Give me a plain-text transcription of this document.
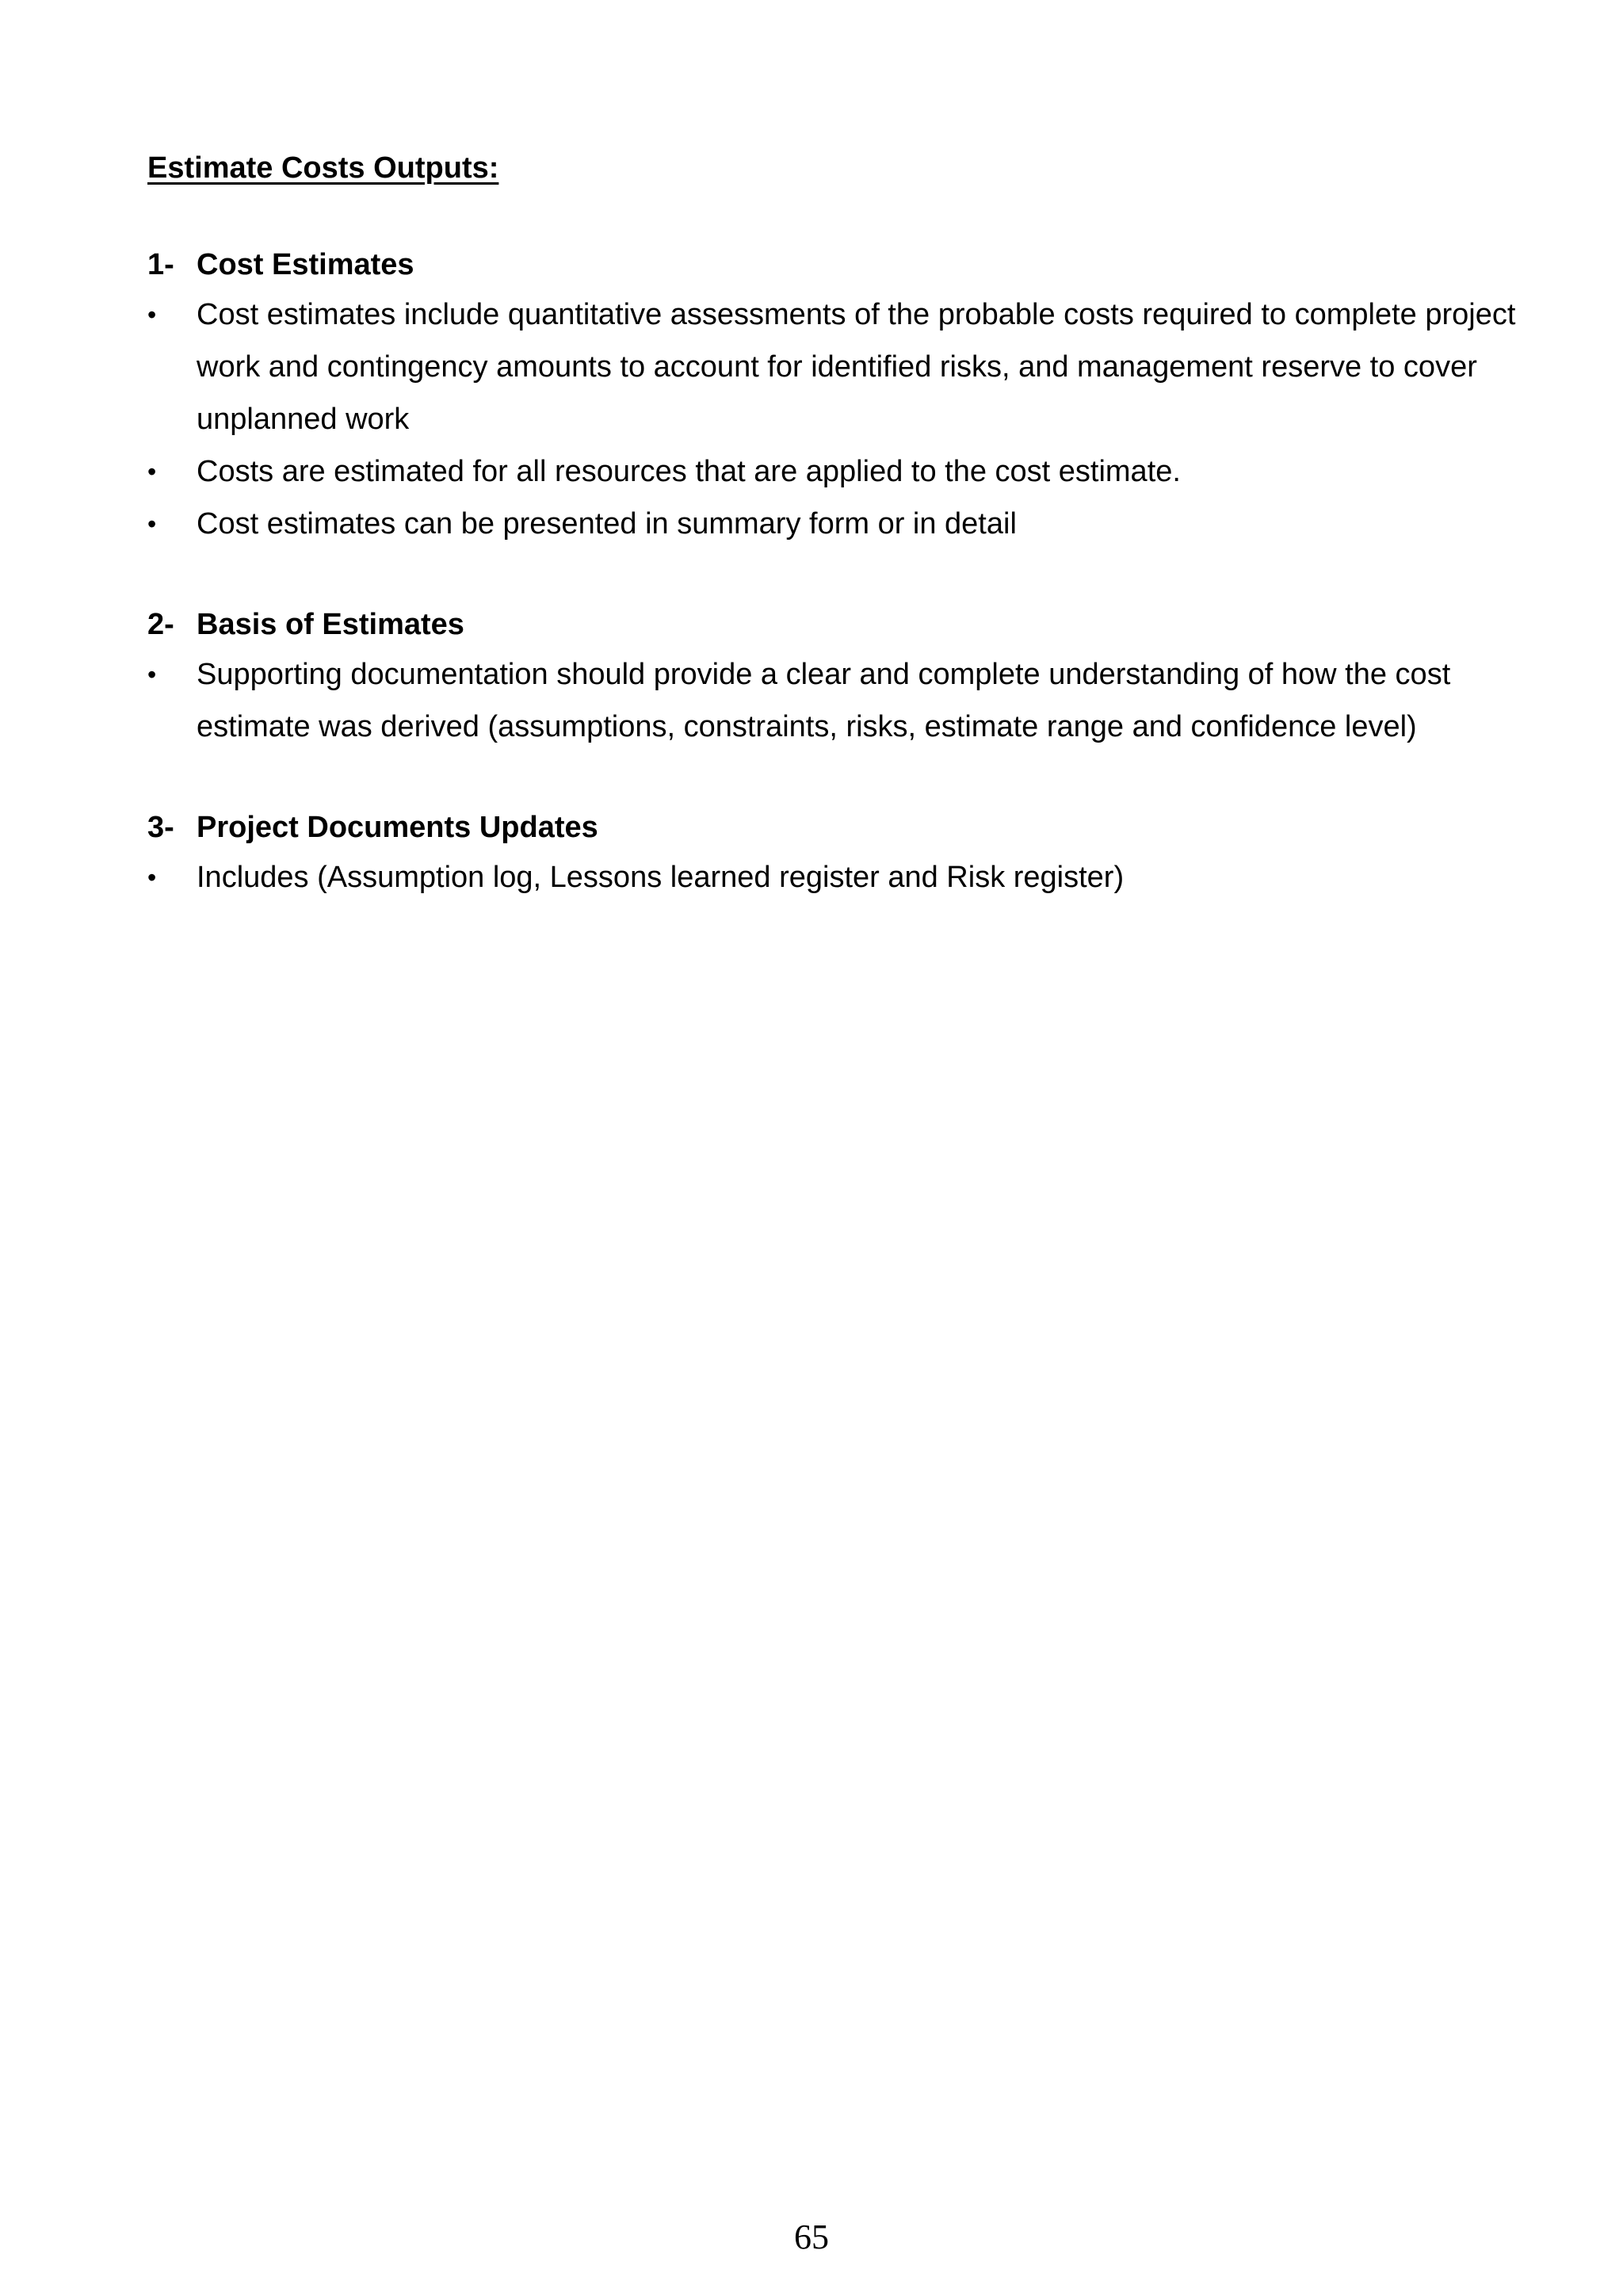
Estimate Costs Outputs:
1- Cost Estimates
•	Cost estimates include quantitative assessments of the probable costs required to complete project work and contingency amounts to account for identified risks, and management reserve to cover unplanned work
•	Costs are estimated for all resources that are applied to the cost estimate.
•	Cost estimates can be presented in summary form or in detail
2- Basis of Estimates
•	Supporting documentation should provide a clear and complete understanding of how the cost estimate was derived (assumptions, constraints, risks, estimate range and confidence level)
3- Project Documents Updates
•	Includes (Assumption log, Lessons learned register and Risk register)
65
